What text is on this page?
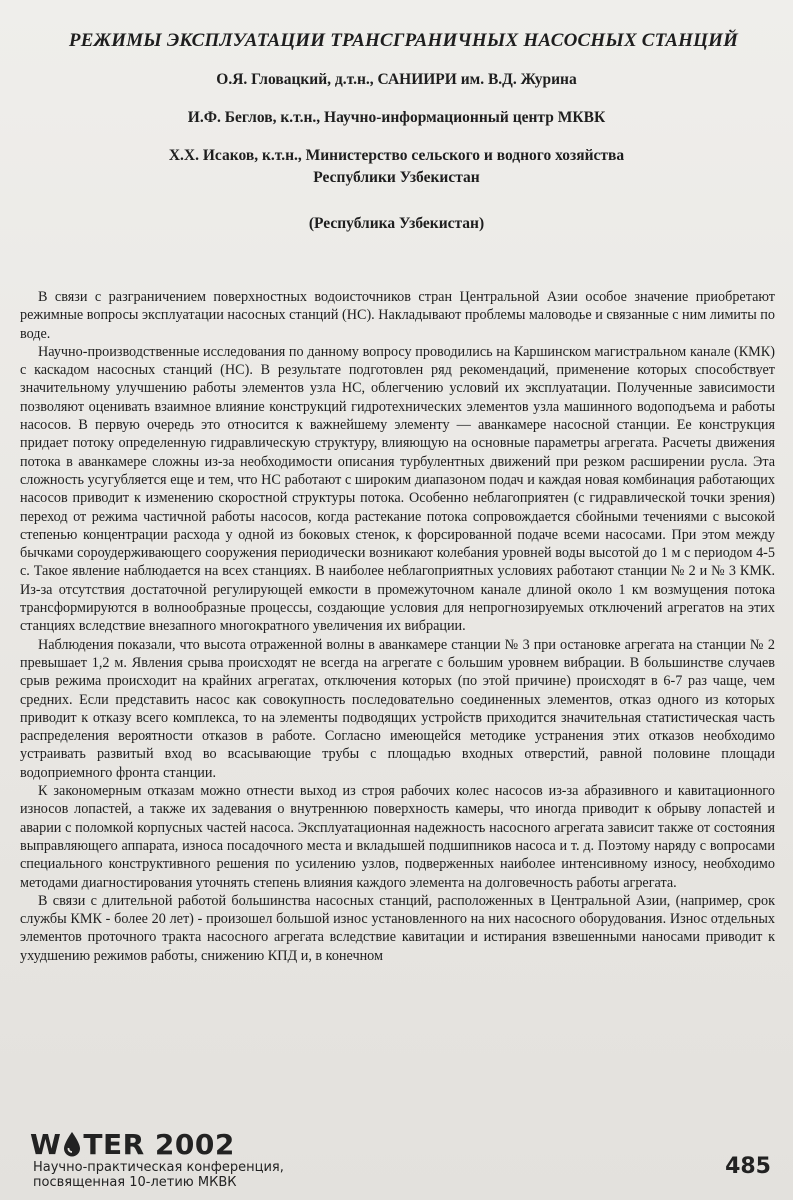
РЕЖИМЫ ЭКСПЛУАТАЦИИ ТРАНСГРАНИЧНЫХ НАСОСНЫХ СТАНЦИЙ
О.Я. Гловацкий, д.т.н., САНИИРИ им. В.Д. Журина
И.Ф. Беглов, к.т.н., Научно-информационный центр МКВК
Х.Х. Исаков, к.т.н., Министерство сельского и водного хозяйства
Республики Узбекистан
(Республика Узбекистан)

В связи с разграничением поверхностных водоисточников стран Центральной Азии особое значение приобретают режимные вопросы эксплуатации насосных станций (НС). Накладывают проблемы маловодье и связанные с ним лимиты по воде.

Научно-производственные исследования по данному вопросу проводились на Каршинском магистральном канале (КМК) с каскадом насосных станций (НС). В результате подготовлен ряд рекомендаций, применение которых способствует значительному улучшению работы элементов узла НС, облегчению условий их эксплуатации. Полученные зависимости позволяют оценивать взаимное влияние конструкций гидротехнических элементов узла машинного водоподъема и работы насосов. В первую очередь это относится к важнейшему элементу — аванкамере насосной станции. Ее конструкция придает потоку определенную гидравлическую структуру, влияющую на основные параметры агрегата. Расчеты движения потока в аванкамере сложны из-за необходимости описания турбулентных движений при резком расширении русла. Эта сложность усугубляется еще и тем, что НС работают с широким диапазоном подач и каждая новая комбинация работающих насосов приводит к изменению скоростной структуры потока. Особенно неблагоприятен (с гидравлической точки зрения) переход от режима частичной работы насосов, когда растекание потока сопровождается сбойными течениями с высокой степенью концентрации расхода у одной из боковых стенок, к форсированной подаче всеми насосами. При этом между бычками сороудерживающего сооружения периодически возникают колебания уровней воды высотой до 1 м с периодом 4-5 с. Такое явление наблюдается на всех станциях. В наиболее неблагоприятных условиях работают станции № 2 и № 3 КМК. Из-за отсутствия достаточной регулирующей емкости в промежуточном канале длиной около 1 км возмущения потока трансформируются в волнообразные процессы, создающие условия для непрогнозируемых отключений агрегатов на этих станциях вследствие внезапного многократного увеличения их вибрации.

Наблюдения показали, что высота отраженной волны в аванкамере станции № 3 при остановке агрегата на станции № 2 превышает 1,2 м. Явления срыва происходят не всегда на агрегате с большим уровнем вибрации. В большинстве случаев срыв режима происходит на крайних агрегатах, отключения которых (по этой причине) происходят в 6-7 раз чаще, чем средних. Если представить насос как совокупность последовательно соединенных элементов, отказ одного из которых приводит к отказу всего комплекса, то на элементы подводящих устройств приходится значительная статистическая часть распределения вероятности отказов в работе. Согласно имеющейся методике устранения этих отказов необходимо устраивать развитый вход во всасывающие трубы с площадью входных отверстий, равной половине площади водоприемного фронта станции.

К закономерным отказам можно отнести выход из строя рабочих колес насосов из-за абразивного и кавитационного износов лопастей, а также их задевания о внутреннюю поверхность камеры, что иногда приводит к обрыву лопастей и аварии с поломкой корпусных частей насоса. Эксплуатационная надежность насосного агрегата зависит также от состояния выправляющего аппарата, износа посадочного места и вкладышей подшипников насоса и т. д. Поэтому наряду с вопросами специального конструктивного решения по усилению узлов, подверженных наиболее интенсивному износу, необходимо методами диагностирования уточнять степень влияния каждого элемента на долговечность работы агрегата.

В связи с длительной работой большинства насосных станций, расположенных в Центральной Азии, (например, срок службы КМК - более 20 лет) - произошел большой износ установленного на них насосного оборудования. Износ отдельных элементов проточного тракта насосного агрегата вследствие кавитации и истирания взвешенными наносами приводит к ухудшению режимов работы, снижению КПД и, в конечном

W TER 2002
Научно-практическая конференция,
посвященная 10-летию МКВК
485
